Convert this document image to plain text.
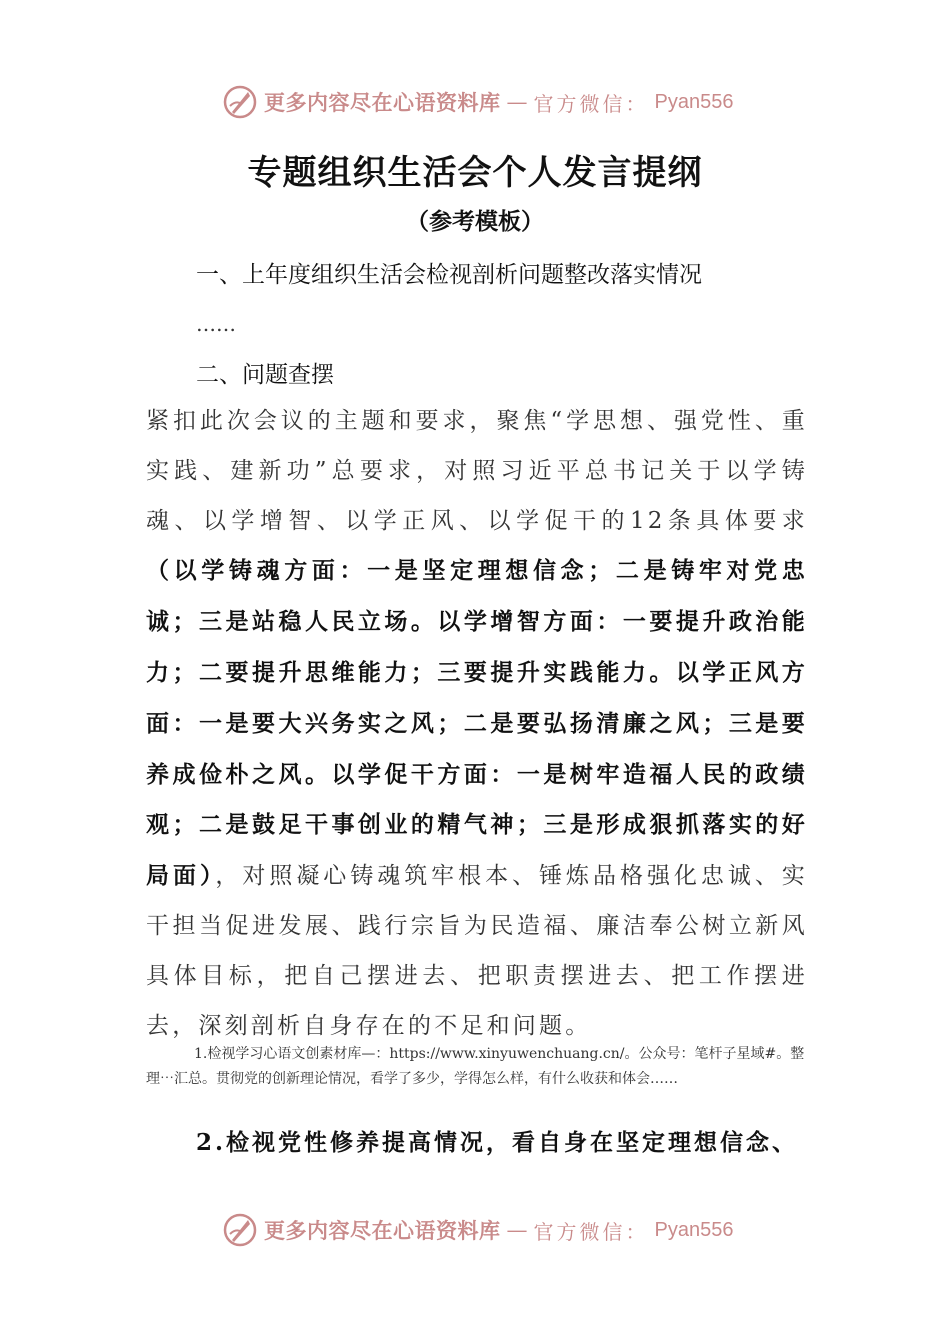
更多内容尽在心语资料库 — 官方微信： Pyan556
专题组织生活会个人发言提纲
（参考模板）
一、上年度组织生活会检视剖析问题整改落实情况
……
二、问题查摆
紧扣此次会议的主题和要求，聚焦“学思想、强党性、重实践、建新功”总要求，对照习近平总书记关于以学铸魂、以学增智、以学正风、以学促干的12条具体要求（以学铸魂方面：一是坚定理想信念；二是铸牢对党忠诚；三是站稳人民立场。以学增智方面：一要提升政治能力；二要提升思维能力；三要提升实践能力。以学正风方面：一是要大兴务实之风；二是要弘扬清廉之风；三是要养成俭朴之风。以学促干方面：一是树牢造福人民的政绩观；二是鼓足干事创业的精气神；三是形成狠抓落实的好局面），对照凝心铸魂筑牢根本、锤炼品格强化忠诚、实干担当促进发展、践行宗旨为民造福、廉洁奉公树立新风具体目标，把自己摆进去、把职责摆进去、把工作摆进去，深刻剖析自身存在的不足和问题。
1.检视学习心语文创素材库—：https://www.xinyuwenchuang.cn/。公众号：笔杆子星域#。整理⋯汇总。贯彻党的创新理论情况，看学了多少，学得怎么样，有什么收获和体会……
2.检视党性修养提高情况，看自身在坚定理想信念、
更多内容尽在心语资料库 — 官方微信： Pyan556
